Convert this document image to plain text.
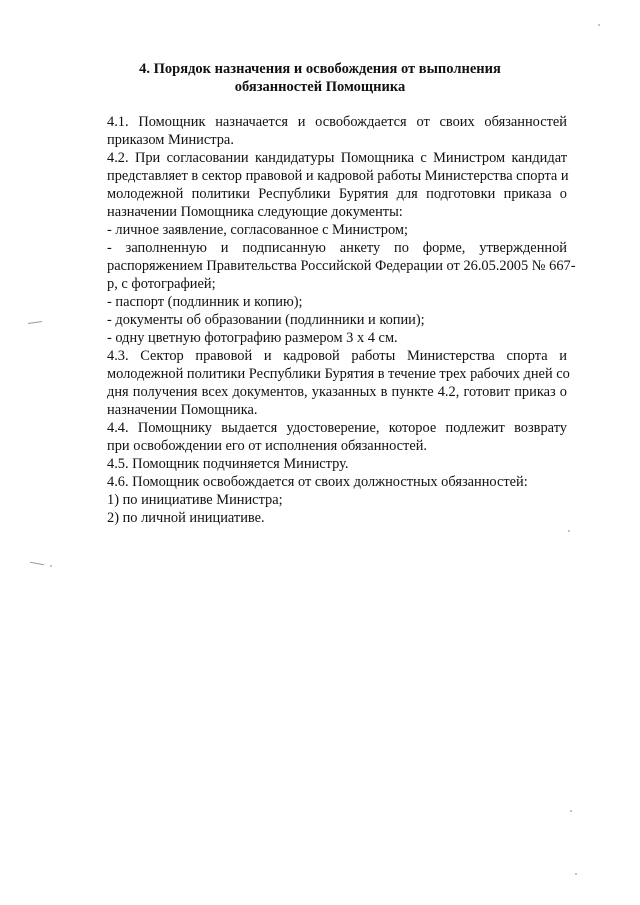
4. Порядок назначения и освобождения от выполнения
обязанностей Помощника
4.1. Помощник назначается и освобождается от своих обязанностей
приказом Министра.
4.2. При согласовании кандидатуры Помощника с Министром кандидат
представляет в сектор правовой и кадровой работы Министерства спорта и
молодежной политики Республики Бурятия для подготовки приказа о
назначении Помощника следующие документы:
- личное заявление, согласованное с Министром;
- заполненную и подписанную анкету по форме, утвержденной
распоряжением Правительства Российской Федерации от 26.05.2005 № 667-
р, с фотографией;
- паспорт (подлинник и копию);
- документы об образовании (подлинники и копии);
- одну цветную фотографию размером 3 х 4 см.
4.3. Сектор правовой и кадровой работы Министерства спорта и
молодежной политики Республики Бурятия в течение трех рабочих дней со
дня получения всех документов, указанных в пункте 4.2, готовит приказ о
назначении Помощника.
4.4. Помощнику выдается удостоверение, которое подлежит возврату
при освобождении его от исполнения обязанностей.
4.5. Помощник подчиняется Министру.
4.6. Помощник освобождается от своих должностных обязанностей:
1) по инициативе Министра;
2) по личной инициативе.
